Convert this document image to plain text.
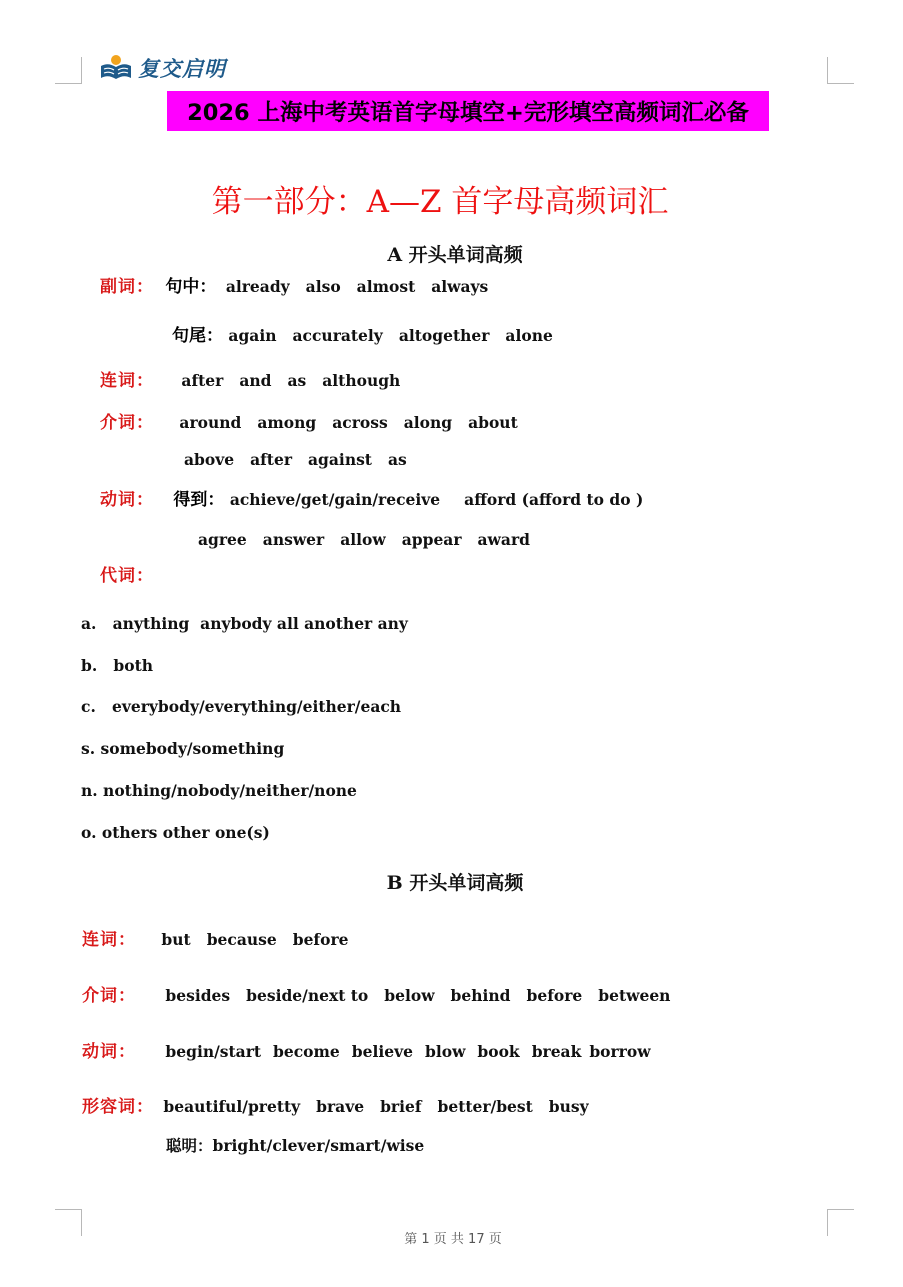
复交启明
2026 上海中考英语首字母填空+完形填空高频词汇必备
第一部分：A—Z 首字母高频词汇
A 开头单词高频
副词： 句中： already also almost always
句尾： again accurately altogether alone
连词： after and as although
介词： around among across along about
above after against as
动词： 得到： achieve/get/gain/receive afford (afford to do )
agree answer allow appear award
代词：
a.   anything  anybody all another any
b.   both
c.   everybody/everything/either/each
s. somebody/something
n. nothing/nobody/neither/none
o. others other one(s)
B 开头单词高频
连词： but because before
介词： besides beside/next to below behind before between
动词： begin/start become believe blow book break borrow
形容词： beautiful/pretty brave brief better/best busy
聪明：bright/clever/smart/wise
第 1 页 共 17 页
